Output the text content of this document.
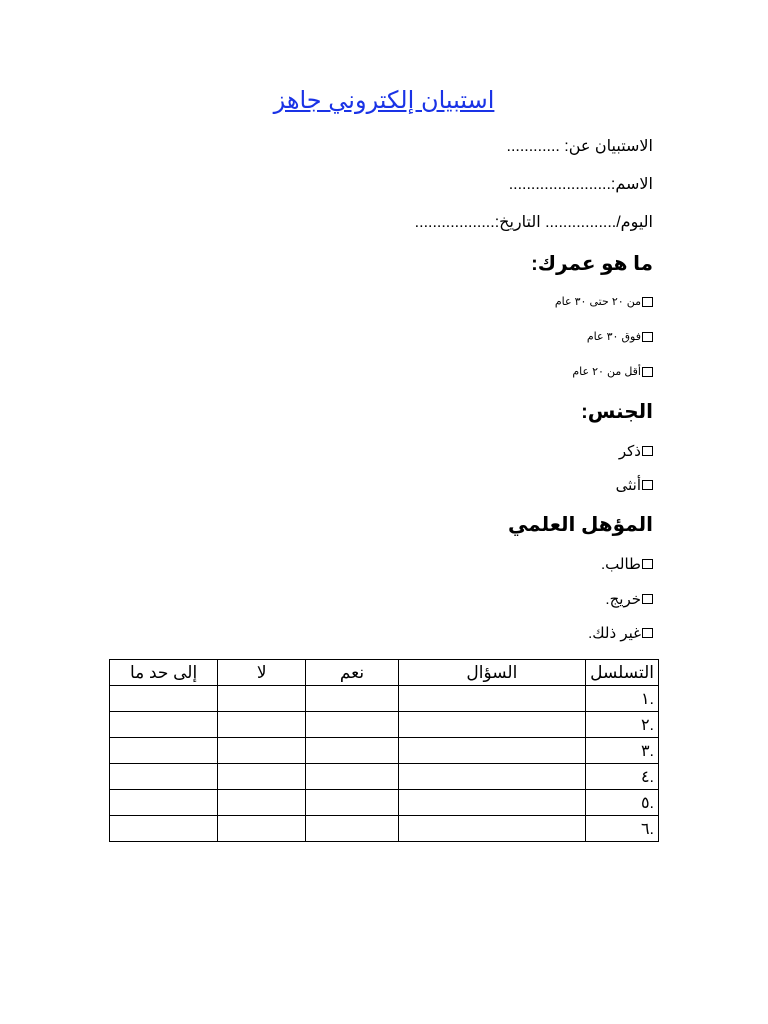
استبيان إلكتروني جاهز
الاستبيان عن: ............
الاسم:.......................
اليوم/................ التاريخ:..................
ما هو عمرك:
من ٢٠ حتى ٣٠ عام
فوق ٣٠ عام
أقل من ٢٠ عام
الجنس:
ذكر
أنثى
المؤهل العلمي
طالب.
خريج.
غير ذلك.
التسلسل	السؤال	نعم	لا	إلى حد ما
.١				
.٢				
.٣				
.٤				
.٥				
.٦				
